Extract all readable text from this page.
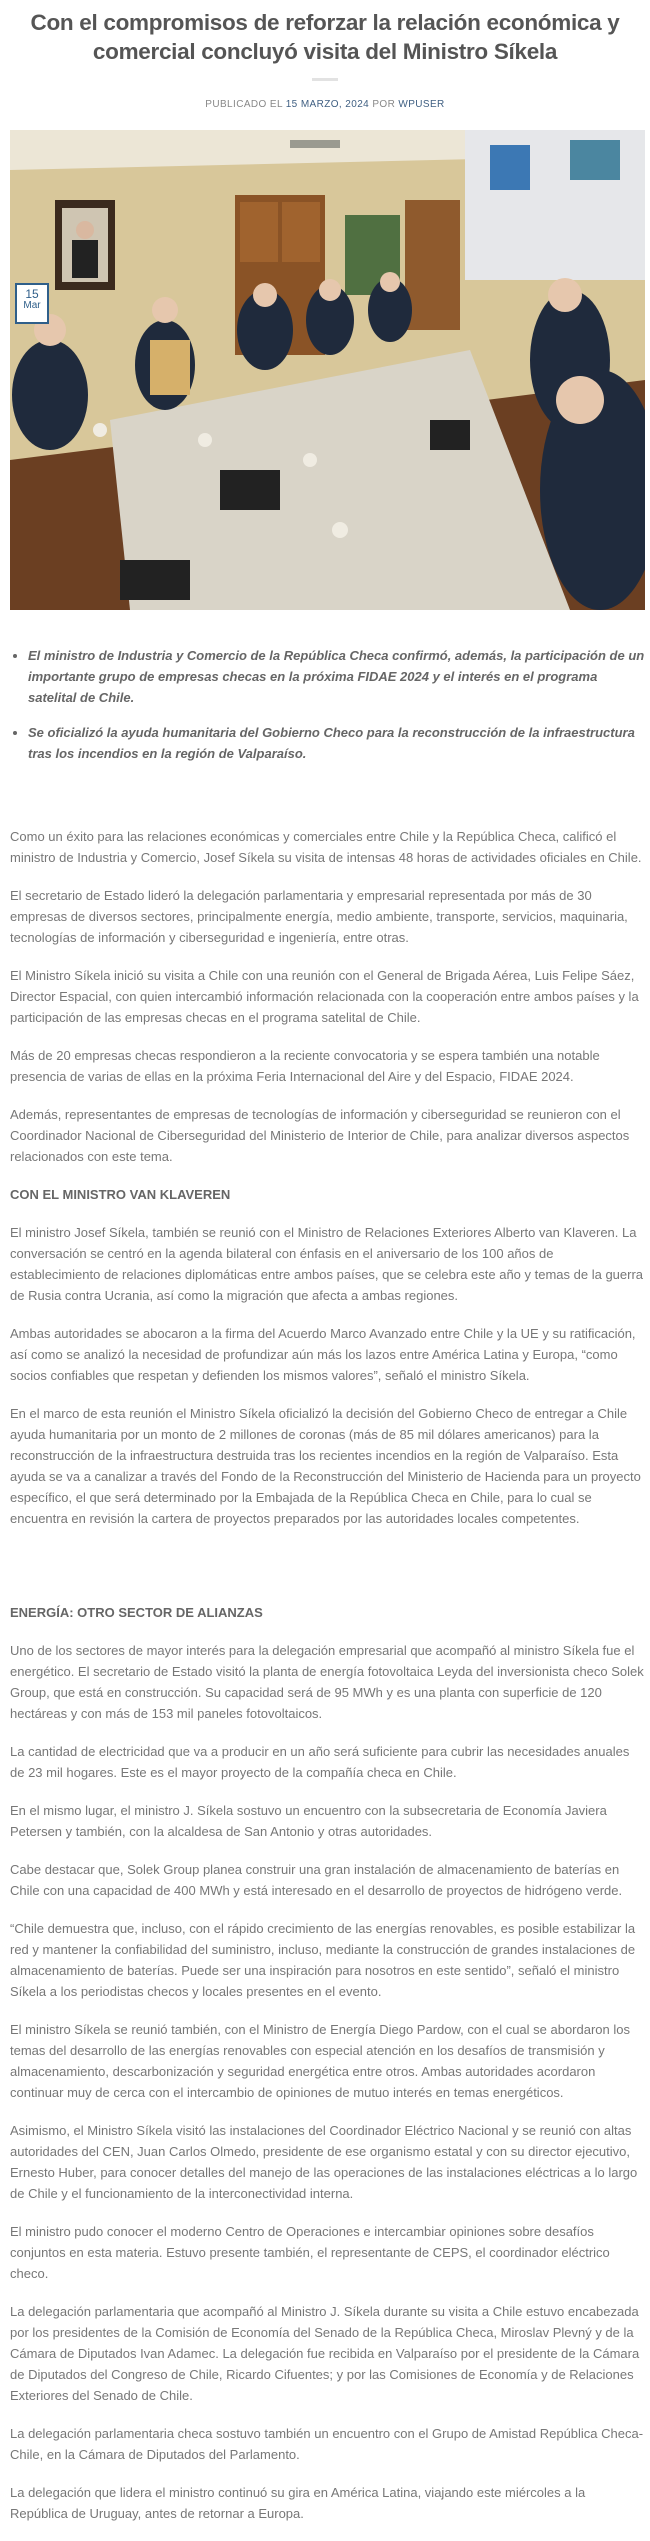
Con el compromisos de reforzar la relación económica y comercial concluyó visita del Ministro Síkela
PUBLICADO EL 15 MARZO, 2024 POR WPUSER
15
Mar
• El ministro de Industria y Comercio de la República Checa confirmó, además, la participación de un importante grupo de empresas checas en la próxima FIDAE 2024 y el interés en el programa satelital de Chile.
• Se oficializó la ayuda humanitaria del Gobierno Checo para la reconstrucción de la infraestructura tras los incendios en la región de Valparaíso.

Como un éxito para las relaciones económicas y comerciales entre Chile y la República Checa, calificó el ministro de Industria y Comercio, Josef Síkela su visita de intensas 48 horas de actividades oficiales en Chile.

El secretario de Estado lideró la delegación parlamentaria y empresarial representada por más de 30 empresas de diversos sectores, principalmente energía, medio ambiente, transporte, servicios, maquinaria, tecnologías de información y ciberseguridad e ingeniería, entre otras.

El Ministro Síkela inició su visita a Chile con una reunión con el General de Brigada Aérea, Luis Felipe Sáez, Director Espacial, con quien intercambió información relacionada con la cooperación entre ambos países y la participación de las empresas checas en el programa satelital de Chile.

Más de 20 empresas checas respondieron a la reciente convocatoria y se espera también una notable presencia de varias de ellas en la próxima Feria Internacional del Aire y del Espacio, FIDAE 2024.

Además, representantes de empresas de tecnologías de información y ciberseguridad se reunieron con el Coordinador Nacional de Ciberseguridad del Ministerio de Interior de Chile, para analizar diversos aspectos relacionados con este tema.

CON EL MINISTRO VAN KLAVEREN

El ministro Josef Síkela, también se reunió con el Ministro de Relaciones Exteriores Alberto van Klaveren. La conversación se centró en la agenda bilateral con énfasis en el aniversario de los 100 años de establecimiento de relaciones diplomáticas entre ambos países, que se celebra este año y temas de la guerra de Rusia contra Ucrania, así como la migración que afecta a ambas regiones.

Ambas autoridades se abocaron a la firma del Acuerdo Marco Avanzado entre Chile y la UE y su ratificación, así como se analizó la necesidad de profundizar aún más los lazos entre América Latina y Europa, “como socios confiables que respetan y defienden los mismos valores”, señaló el ministro Síkela.

En el marco de esta reunión el Ministro Síkela oficializó la decisión del Gobierno Checo de entregar a Chile ayuda humanitaria por un monto de 2 millones de coronas (más de 85 mil dólares americanos) para la reconstrucción de la infraestructura destruida tras los recientes incendios en la región de Valparaíso. Esta ayuda se va a canalizar a través del Fondo de la Reconstrucción del Ministerio de Hacienda para un proyecto específico, el que será determinado por la Embajada de la República Checa en Chile, para lo cual se encuentra en revisión la cartera de proyectos preparados por las autoridades locales competentes.

ENERGÍA: OTRO SECTOR DE ALIANZAS

Uno de los sectores de mayor interés para la delegación empresarial que acompañó al ministro Síkela fue el energético. El secretario de Estado visitó la planta de energía fotovoltaica Leyda del inversionista checo Solek Group, que está en construcción. Su capacidad será de 95 MWh y es una planta con superficie de 120 hectáreas y con más de 153 mil paneles fotovoltaicos.

La cantidad de electricidad que va a producir en un año será suficiente para cubrir las necesidades anuales de 23 mil hogares. Este es el mayor proyecto de la compañía checa en Chile.

En el mismo lugar, el ministro J. Síkela sostuvo un encuentro con la subsecretaria de Economía Javiera Petersen y también, con la alcaldesa de San Antonio y otras autoridades.

Cabe destacar que, Solek Group planea construir una gran instalación de almacenamiento de baterías en Chile con una capacidad de 400 MWh y está interesado en el desarrollo de proyectos de hidrógeno verde.

“Chile demuestra que, incluso, con el rápido crecimiento de las energías renovables, es posible estabilizar la red y mantener la confiabilidad del suministro, incluso, mediante la construcción de grandes instalaciones de almacenamiento de baterías. Puede ser una inspiración para nosotros en este sentido”, señaló el ministro Síkela a los periodistas checos y locales presentes en el evento.

El ministro Síkela se reunió también, con el Ministro de Energía Diego Pardow, con el cual se abordaron los temas del desarrollo de las energías renovables con especial atención en los desafíos de transmisión y almacenamiento, descarbonización y seguridad energética entre otros. Ambas autoridades acordaron continuar muy de cerca con el intercambio de opiniones de mutuo interés en temas energéticos.

Asimismo, el Ministro Síkela visitó las instalaciones del Coordinador Eléctrico Nacional y se reunió con altas autoridades del CEN, Juan Carlos Olmedo, presidente de ese organismo estatal y con su director ejecutivo, Ernesto Huber, para conocer detalles del manejo de las operaciones de las instalaciones eléctricas a lo largo de Chile y el funcionamiento de la interconectividad interna.

El ministro pudo conocer el moderno Centro de Operaciones e intercambiar opiniones sobre desafíos conjuntos en esta materia. Estuvo presente también, el representante de CEPS, el coordinador eléctrico checo.

La delegación parlamentaria que acompañó al Ministro J. Síkela durante su visita a Chile estuvo encabezada por los presidentes de la Comisión de Economía del Senado de la República Checa, Miroslav Plevný y de la Cámara de Diputados Ivan Adamec. La delegación fue recibida en Valparaíso por el presidente de la Cámara de Diputados del Congreso de Chile, Ricardo Cifuentes; y por las Comisiones de Economía y de Relaciones Exteriores del Senado de Chile.

La delegación parlamentaria checa sostuvo también un encuentro con el Grupo de Amistad República Checa-Chile, en la Cámara de Diputados del Parlamento.

La delegación que lidera el ministro continuó su gira en América Latina, viajando este miércoles a la República de Uruguay, antes de retornar a Europa.
